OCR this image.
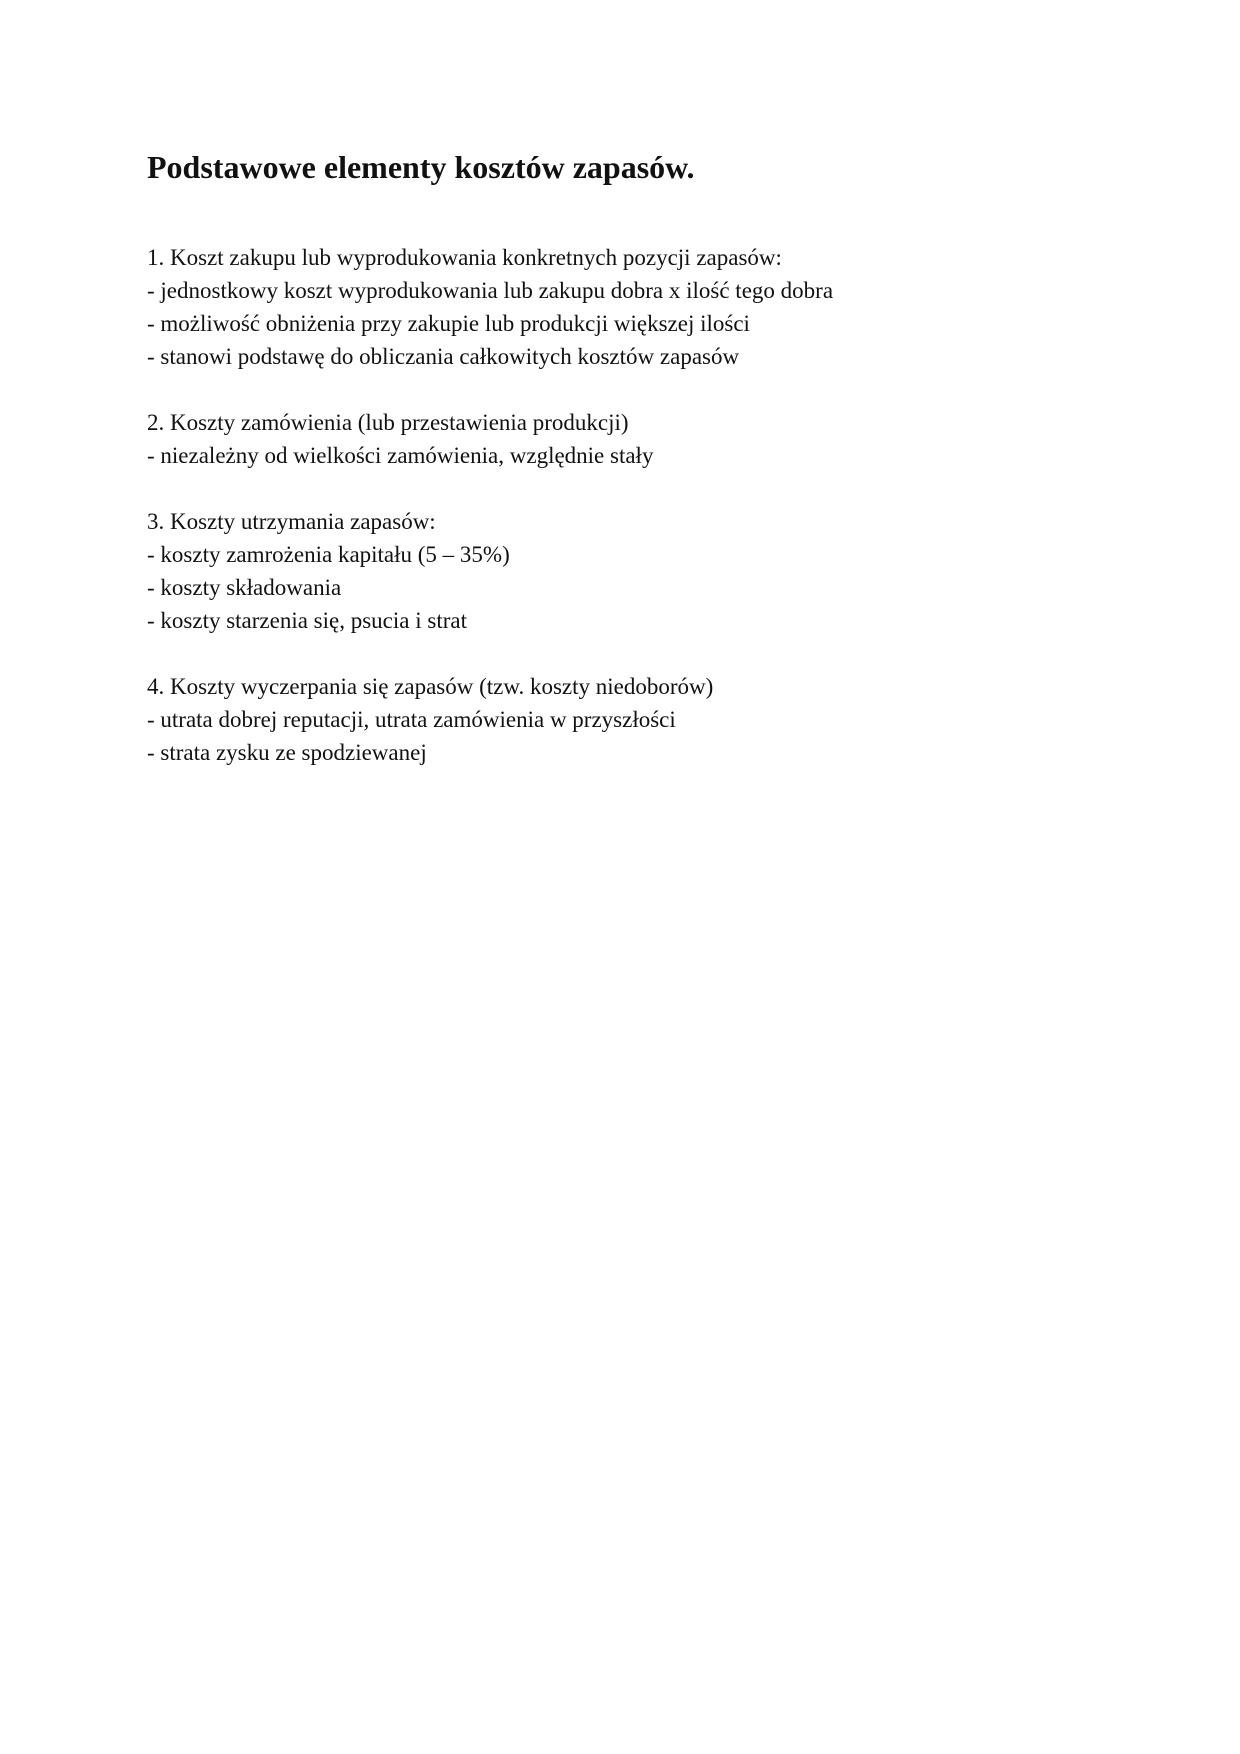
Podstawowe elementy kosztów zapasów.

1. Koszt zakupu lub wyprodukowania konkretnych pozycji zapasów:

- jednostkowy koszt wyprodukowania lub zakupu dobra x ilość tego dobra

- możliwość obniżenia przy zakupie lub produkcji większej ilości

- stanowi podstawę do obliczania całkowitych kosztów zapasów

2. Koszty zamówienia (lub przestawienia produkcji)

- niezależny od wielkości zamówienia, względnie stały

3. Koszty utrzymania zapasów:

- koszty zamrożenia kapitału (5 – 35%)

- koszty składowania

- koszty starzenia się, psucia i strat

4. Koszty wyczerpania się zapasów (tzw. koszty niedoborów)

- utrata dobrej reputacji, utrata zamówienia w przyszłości

- strata zysku ze spodziewanej
